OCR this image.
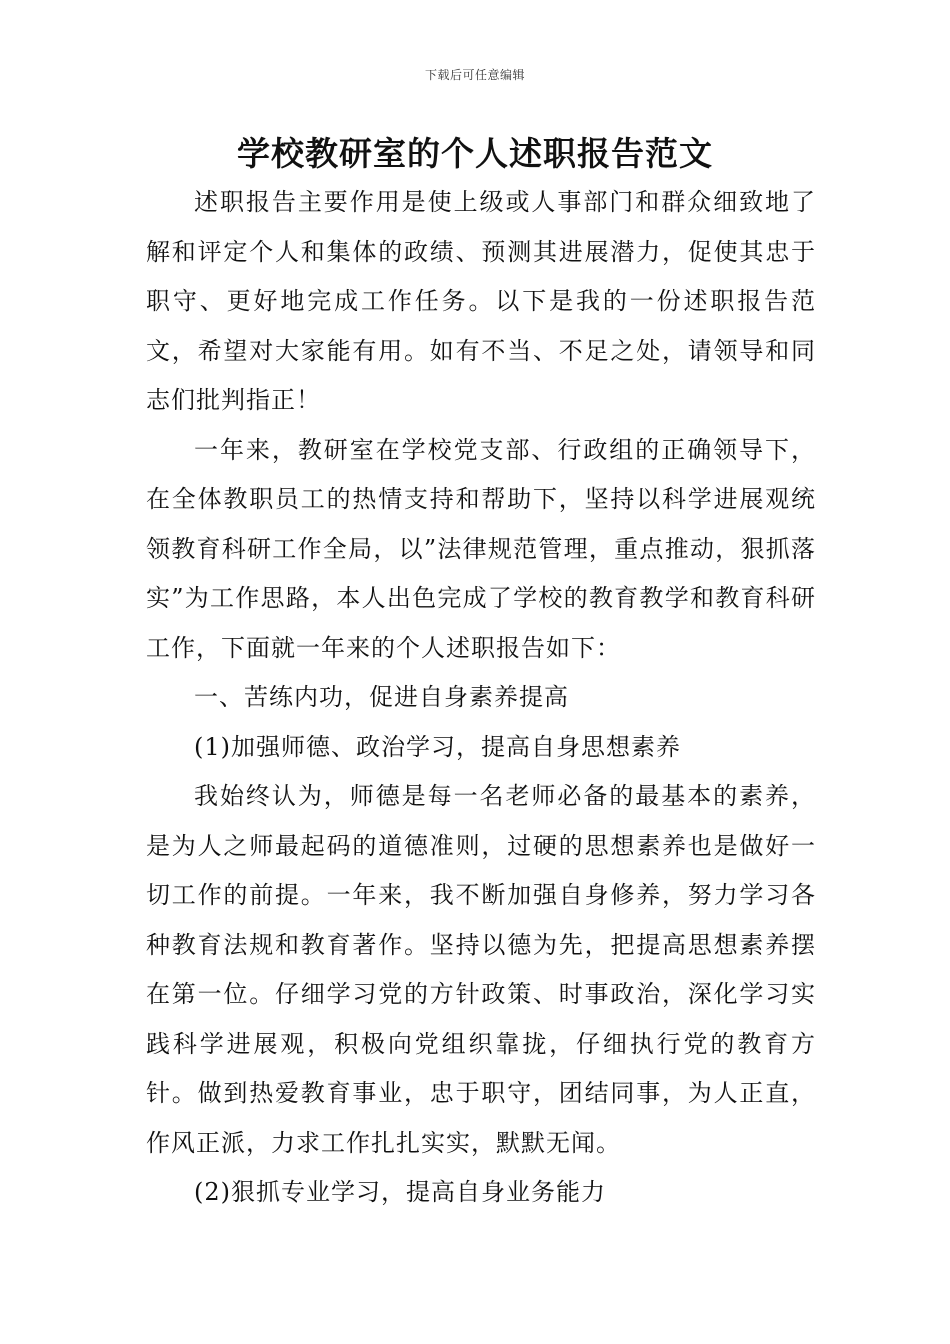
下载后可任意编辑
学校教研室的个人述职报告范文

述职报告主要作用是使上级或人事部门和群众细致地了解和评定个人和集体的政绩、预测其进展潜力，促使其忠于职守、更好地完成工作任务。以下是我的一份述职报告范文，希望对大家能有用。如有不当、不足之处，请领导和同志们批判指正！

一年来，教研室在学校党支部、行政组的正确领导下，在全体教职员工的热情支持和帮助下，坚持以科学进展观统领教育科研工作全局，以”法律规范管理，重点推动，狠抓落实”为工作思路，本人出色完成了学校的教育教学和教育科研工作，下面就一年来的个人述职报告如下：

一、苦练内功，促进自身素养提高

(1)加强师德、政治学习，提高自身思想素养

我始终认为，师德是每一名老师必备的最基本的素养，是为人之师最起码的道德准则，过硬的思想素养也是做好一切工作的前提。一年来，我不断加强自身修养，努力学习各种教育法规和教育著作。坚持以德为先，把提高思想素养摆在第一位。仔细学习党的方针政策、时事政治，深化学习实践科学进展观，积极向党组织靠拢，仔细执行党的教育方针。做到热爱教育事业，忠于职守，团结同事，为人正直，作风正派，力求工作扎扎实实，默默无闻。

(2)狠抓专业学习，提高自身业务能力
